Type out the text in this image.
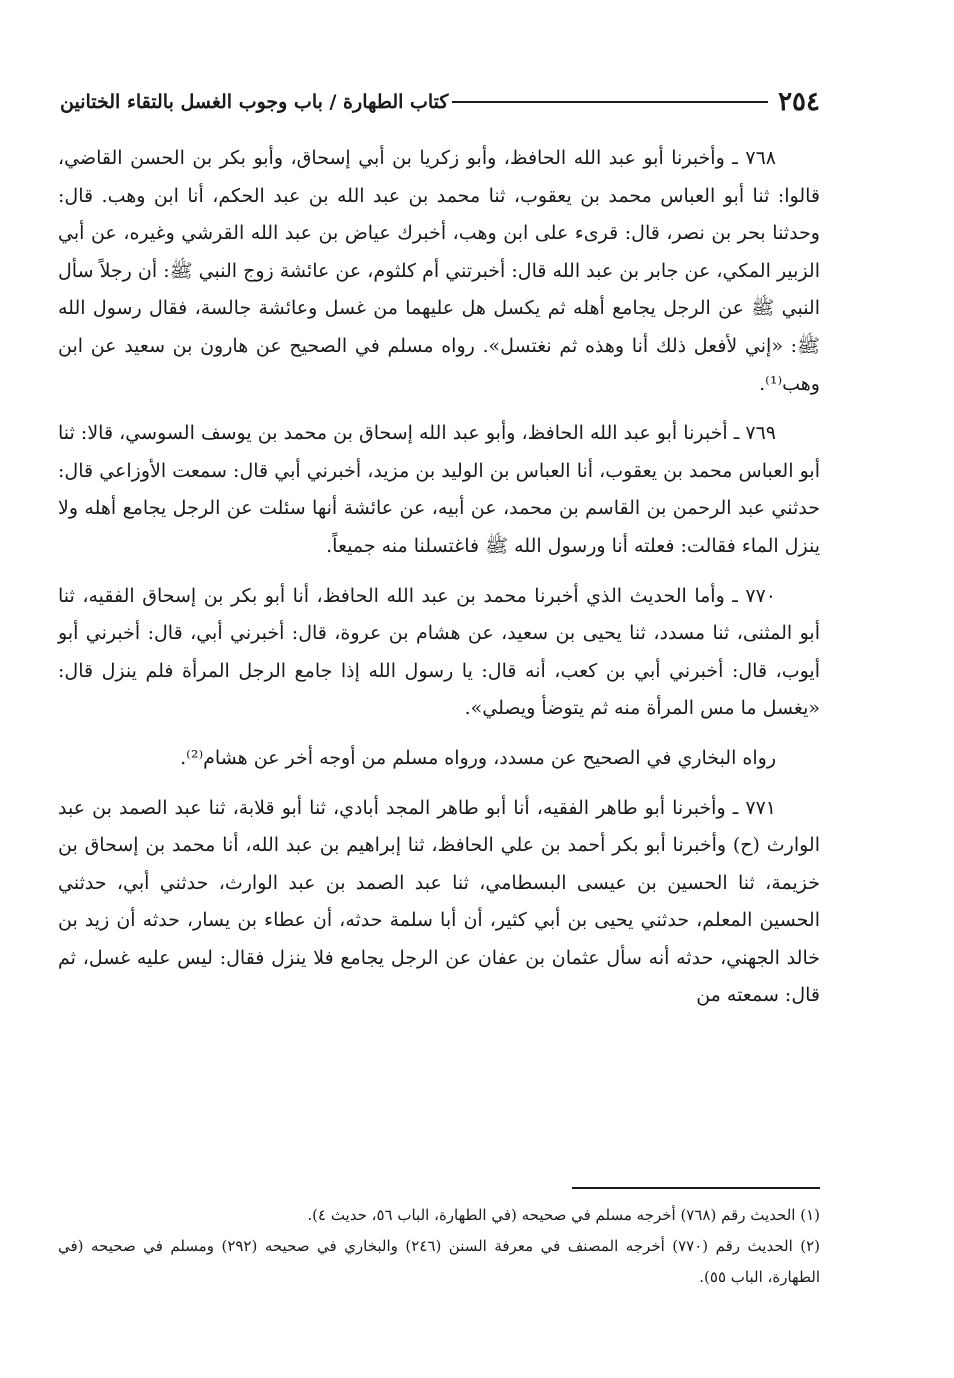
٢٥٤
كتاب الطهارة / باب وجوب الغسل بالتقاء الختانين

٧٦٨ ـ وأخبرنا أبو عبد الله الحافظ، وأبو زكريا بن أبي إسحاق، وأبو بكر بن الحسن القاضي، قالوا: ثنا أبو العباس محمد بن يعقوب، ثنا محمد بن عبد الله بن عبد الحكم، أنا ابن وهب. قال: وحدثنا بحر بن نصر، قال: قرىء على ابن وهب، أخبرك عياض بن عبد الله القرشي وغيره، عن أبي الزبير المكي، عن جابر بن عبد الله قال: أخبرتني أم كلثوم، عن عائشة زوج النبي ﷺ: أن رجلاً سأل النبي ﷺ عن الرجل يجامع أهله ثم يكسل هل عليهما من غسل وعائشة جالسة، فقال رسول الله ﷺ: «إني لأفعل ذلك أنا وهذه ثم نغتسل». رواه مسلم في الصحيح عن هارون بن سعيد عن ابن وهب⁽¹⁾.

٧٦٩ ـ أخبرنا أبو عبد الله الحافظ، وأبو عبد الله إسحاق بن محمد بن يوسف السوسي، قالا: ثنا أبو العباس محمد بن يعقوب، أنا العباس بن الوليد بن مزيد، أخبرني أبي قال: سمعت الأوزاعي قال: حدثني عبد الرحمن بن القاسم بن محمد، عن أبيه، عن عائشة أنها سئلت عن الرجل يجامع أهله ولا ينزل الماء فقالت: فعلته أنا ورسول الله ﷺ فاغتسلنا منه جميعاً.

٧٧٠ ـ وأما الحديث الذي أخبرنا محمد بن عبد الله الحافظ، أنا أبو بكر بن إسحاق الفقيه، ثنا أبو المثنى، ثنا مسدد، ثنا يحيى بن سعيد، عن هشام بن عروة، قال: أخبرني أبي، قال: أخبرني أبو أيوب، قال: أخبرني أبي بن كعب، أنه قال: يا رسول الله إذا جامع الرجل المرأة فلم ينزل قال: «يغسل ما مس المرأة منه ثم يتوضأ ويصلي».

رواه البخاري في الصحيح عن مسدد، ورواه مسلم من أوجه أخر عن هشام⁽²⁾.

٧٧١ ـ وأخبرنا أبو طاهر الفقيه، أنا أبو طاهر المجد أبادي، ثنا أبو قلابة، ثنا عبد الصمد بن عبد الوارث (ح) وأخبرنا أبو بكر أحمد بن علي الحافظ، ثنا إبراهيم بن عبد الله، أنا محمد بن إسحاق بن خزيمة، ثنا الحسين بن عيسى البسطامي، ثنا عبد الصمد بن عبد الوارث، حدثني أبي، حدثني الحسين المعلم، حدثني يحيى بن أبي كثير، أن أبا سلمة حدثه، أن عطاء بن يسار، حدثه أن زيد بن خالد الجهني، حدثه أنه سأل عثمان بن عفان عن الرجل يجامع فلا ينزل فقال: ليس عليه غسل، ثم قال: سمعته من

(١) الحديث رقم (٧٦٨) أخرجه مسلم في صحيحه (في الطهارة، الباب ٥٦، حديث ٤).

(٢) الحديث رقم (٧٧٠) أخرجه المصنف في معرفة السنن (٢٤٦) والبخاري في صحيحه (٢٩٢) ومسلم في صحيحه (في الطهارة، الباب ٥٥).
